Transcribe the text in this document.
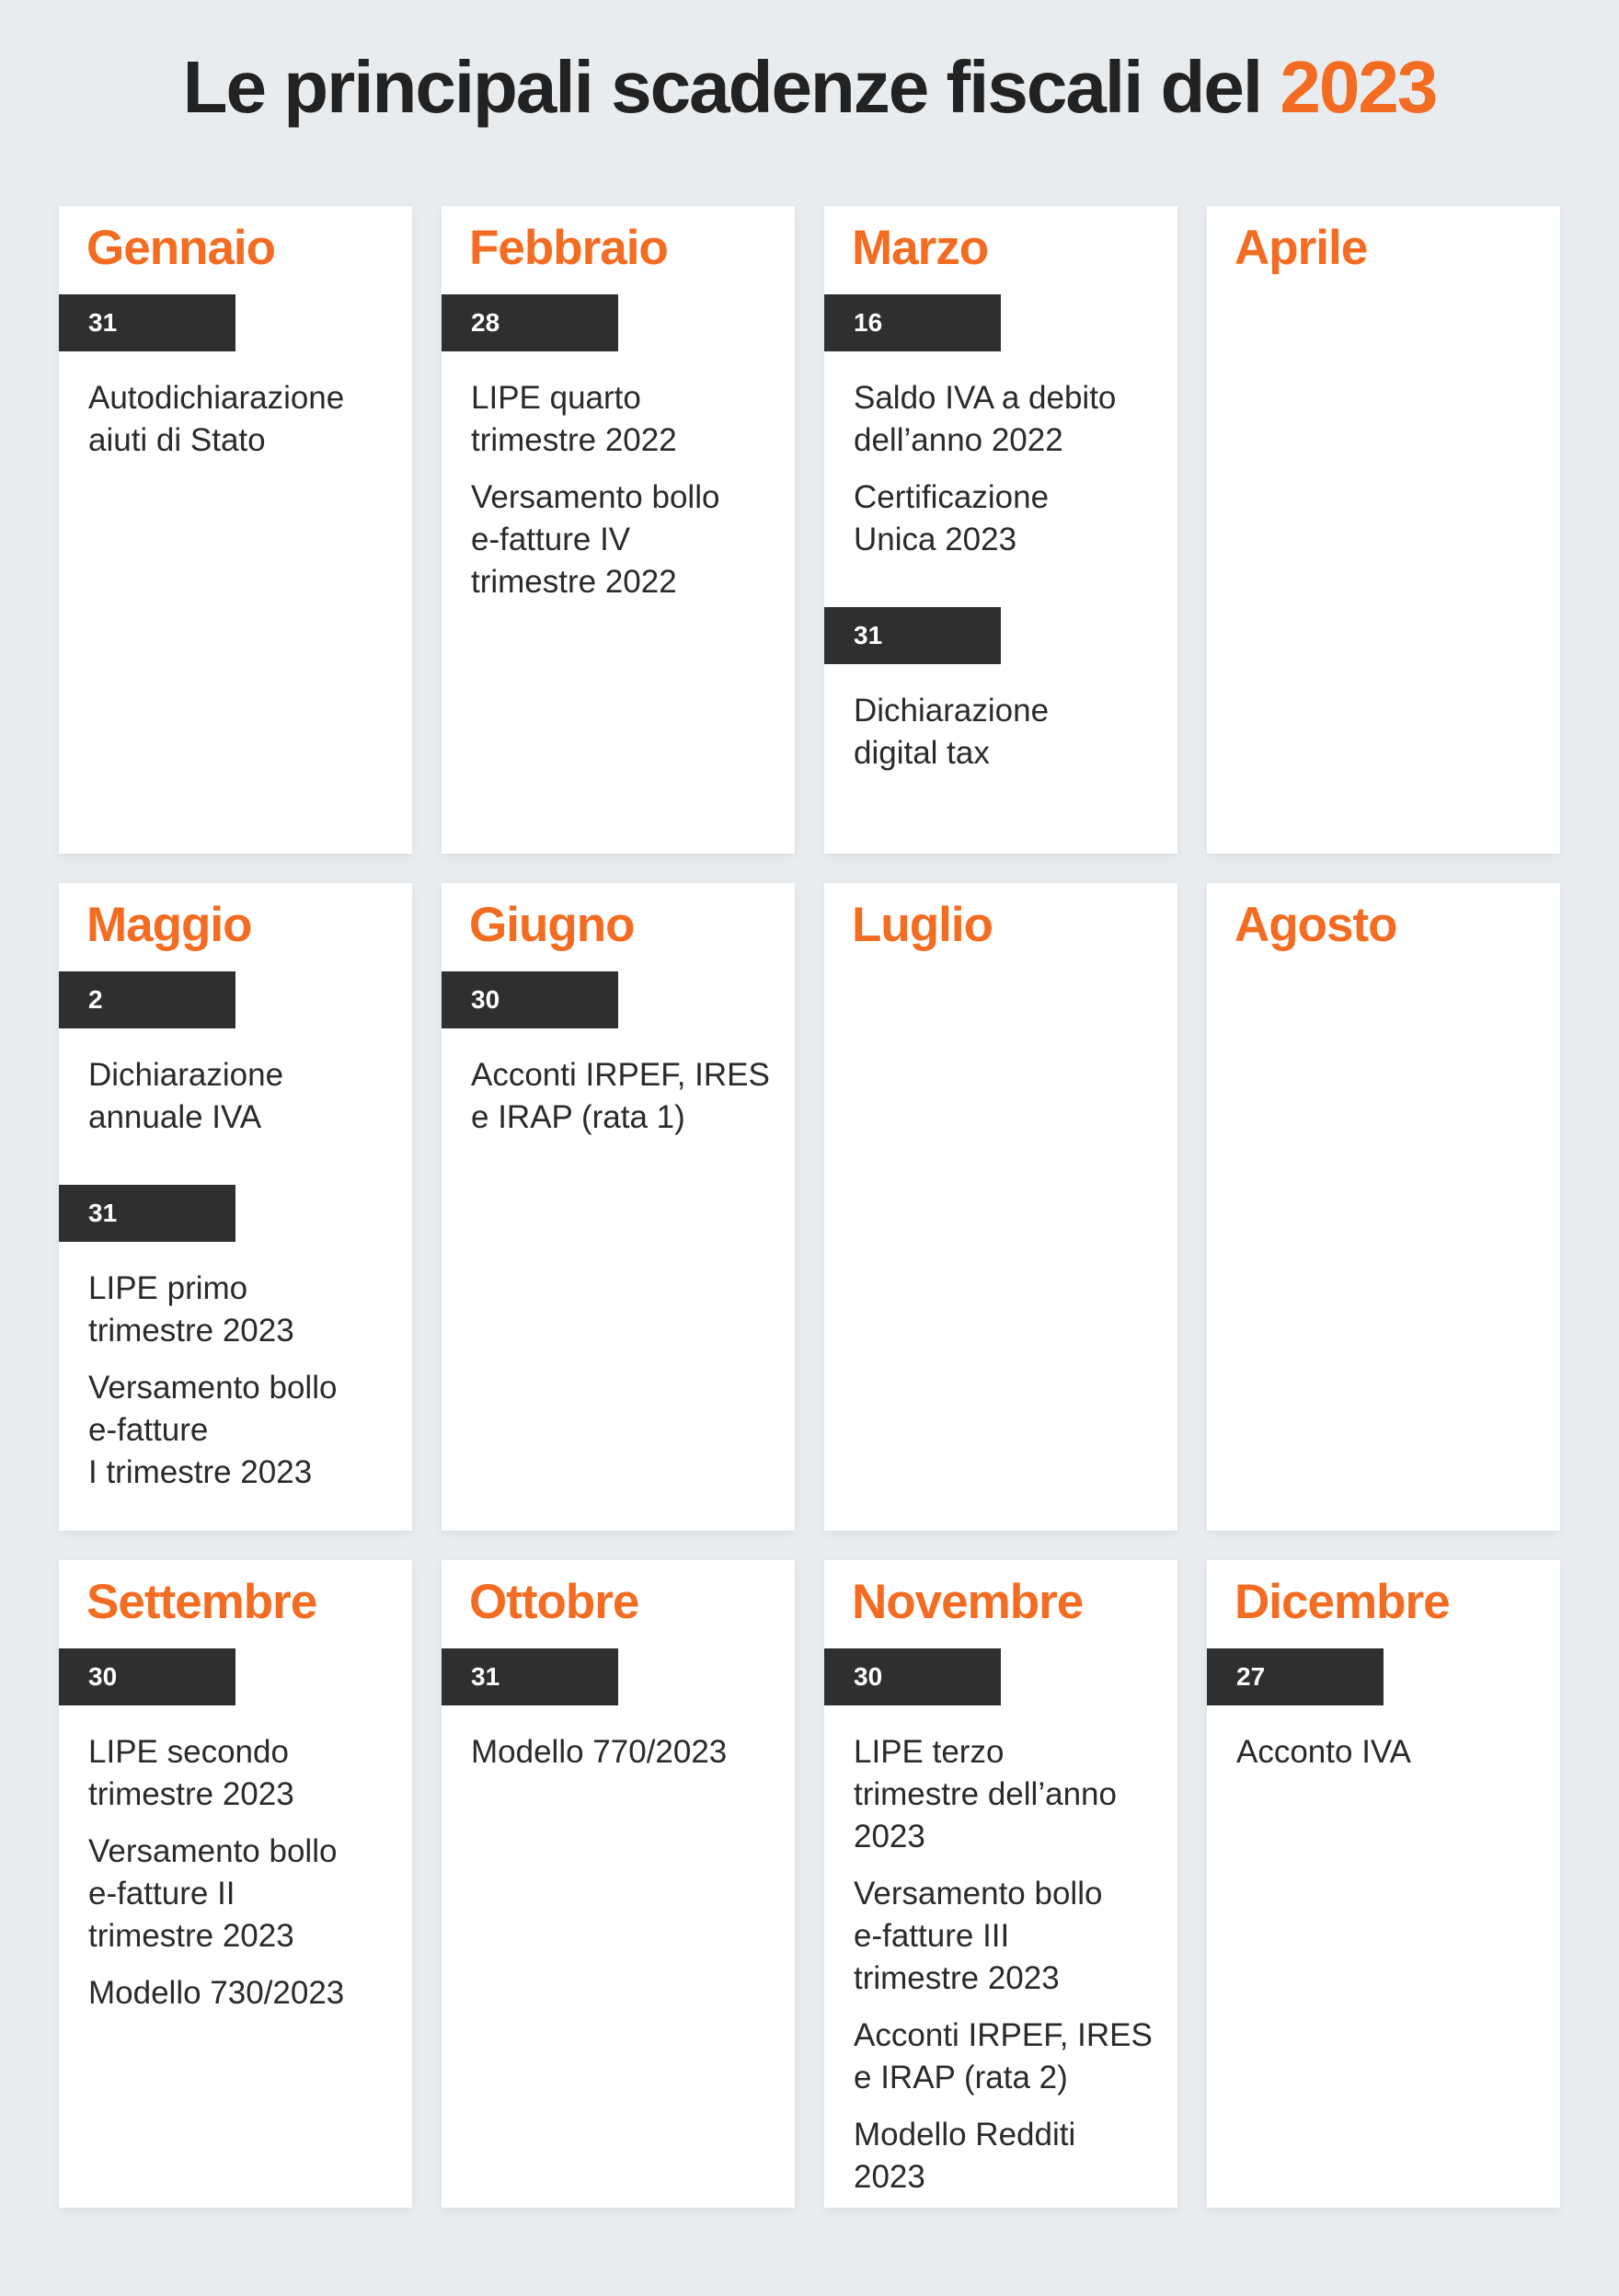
Le principali scadenze fiscali del 2023
Gennaio
31
Autodichiarazione
aiuti di Stato
Febbraio
28
LIPE quarto
trimestre 2022
Versamento bollo
e-fatture IV
trimestre 2022
Marzo
16
Saldo IVA a debito
dell’anno 2022
Certificazione
Unica 2023
31
Dichiarazione
digital tax
Aprile
Maggio
2
Dichiarazione
annuale IVA
31
LIPE primo
trimestre 2023
Versamento bollo
e-fatture
I trimestre 2023
Giugno
30
Acconti IRPEF, IRES
e IRAP (rata 1)
Luglio	Agosto
Settembre
30
LIPE secondo
trimestre 2023
Versamento bollo
e-fatture II
trimestre 2023
Modello 730/2023
Ottobre
31
Modello 770/2023
Novembre
30
LIPE terzo
trimestre dell’anno
2023
Versamento bollo
e-fatture III
trimestre 2023
Acconti IRPEF, IRES
e IRAP (rata 2)
Modello Redditi
2023
Dicembre
27
Acconto IVA
